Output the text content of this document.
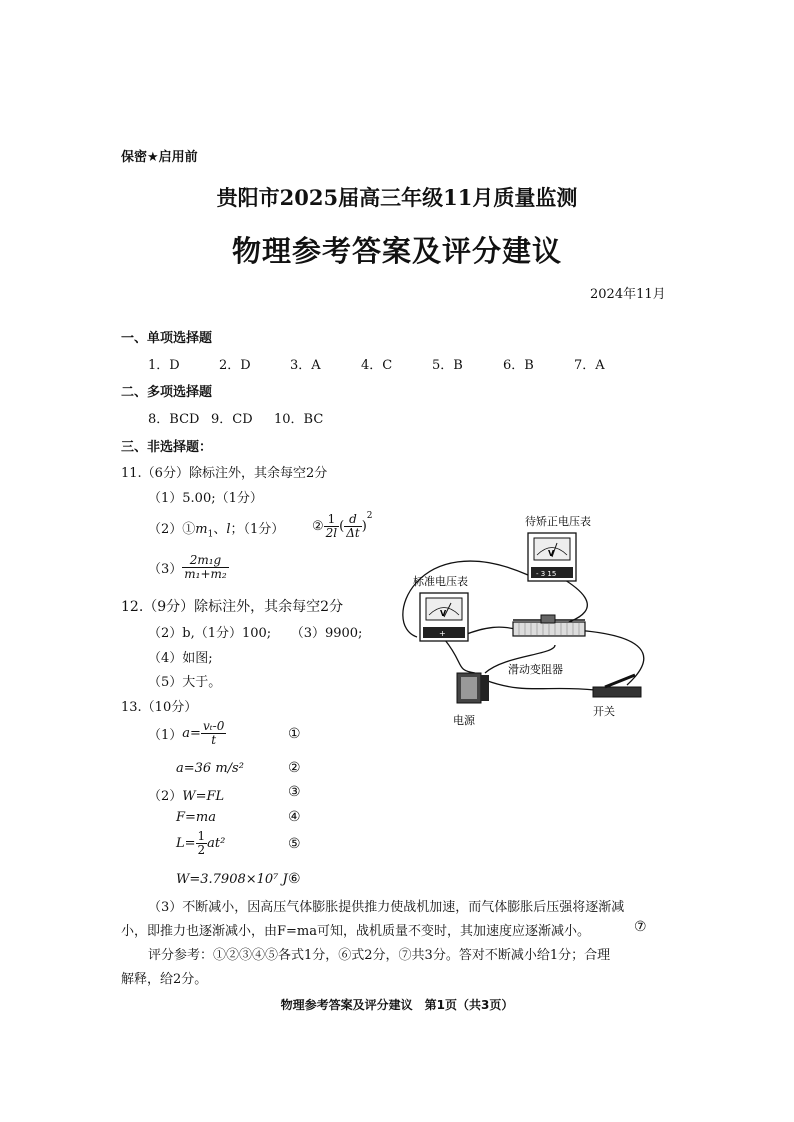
保密★启用前
贵阳市2025届高三年级11月质量监测
物理参考答案及评分建议
2024年11月
一、单项选择题
1．D	2．D	3．A	4．C	5．B	6．B	7．A
二、多项选择题
8．BCD 9．CD 10．BC
三、非选择题：
11.（6分）除标注外，其余每空2分
（1）5.00;（1分）
$(2)①m_1$、l；（1分） ② $\frac{1}{2l}$ ( $\frac{d}{\Delta t} )^2$
$(3) \frac{\text{2m₁g}}{\text{m₁+m₂}}$
12.（9分）除标注外，其余每空2分
（2）b,（1分）100;　　（3）9900;
（4）如图;
（5）大于。
V
- 3 15
V
+
待矫正电压表
标准电压表
滑动变阻器
电源
开关
13.（10分）
$(1)a= \frac{\text{vₜ-0}}{t}$	①
a=36 m/s²	②
（2）W=FL	③
F=ma	④
$L= \frac{1}{2} at^2$	⑤
W=3.7908×10⁷ J ⑥
（3）不断减小，因高压气体膨胀提供推力使战机加速，而气体膨胀后压强将逐渐减
小，即推力也逐渐减小，由F=ma可知，战机质量不变时，其加速度应逐渐减小。	⑦
评分参考：①②③④⑤各式1分，⑥式2分，⑦共3分。答对不断减小给1分；合理
解释，给2分。
物理参考答案及评分建议　第1页（共3页）
